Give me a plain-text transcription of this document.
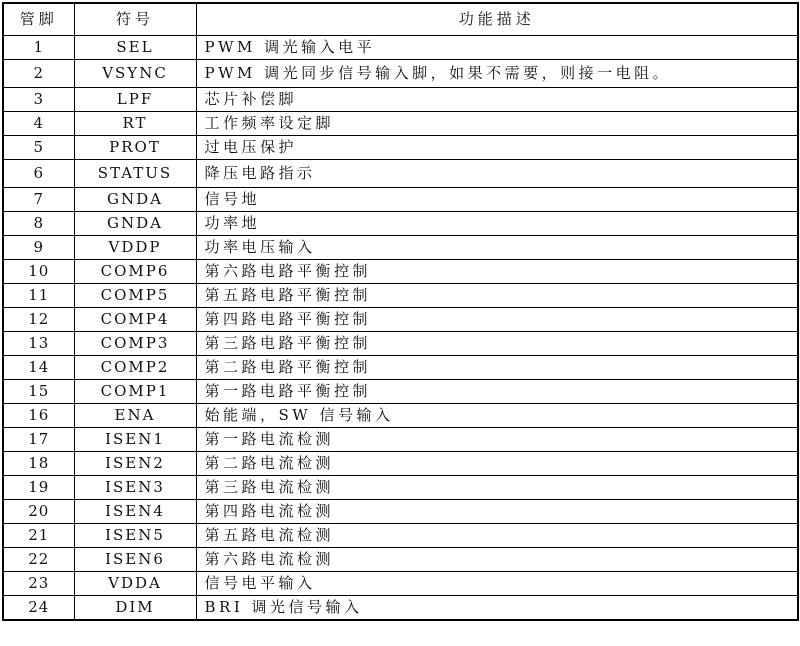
管脚	符号	功能描述
1	SEL	PWM 调光输入电平
2	VSYNC	PWM 调光同步信号输入脚，如果不需要，则接一电阻。
3	LPF	芯片补偿脚
4	RT	工作频率设定脚
5	PROT	过电压保护
6	STATUS	降压电路指示
7	GNDA	信号地
8	GNDA	功率地
9	VDDP	功率电压输入
10	COMP6	第六路电路平衡控制
11	COMP5	第五路电路平衡控制
12	COMP4	第四路电路平衡控制
13	COMP3	第三路电路平衡控制
14	COMP2	第二路电路平衡控制
15	COMP1	第一路电路平衡控制
16	ENA	始能端，SW 信号输入
17	ISEN1	第一路电流检测
18	ISEN2	第二路电流检测
19	ISEN3	第三路电流检测
20	ISEN4	第四路电流检测
21	ISEN5	第五路电流检测
22	ISEN6	第六路电流检测
23	VDDA	信号电平输入
24	DIM	BRI 调光信号输入
